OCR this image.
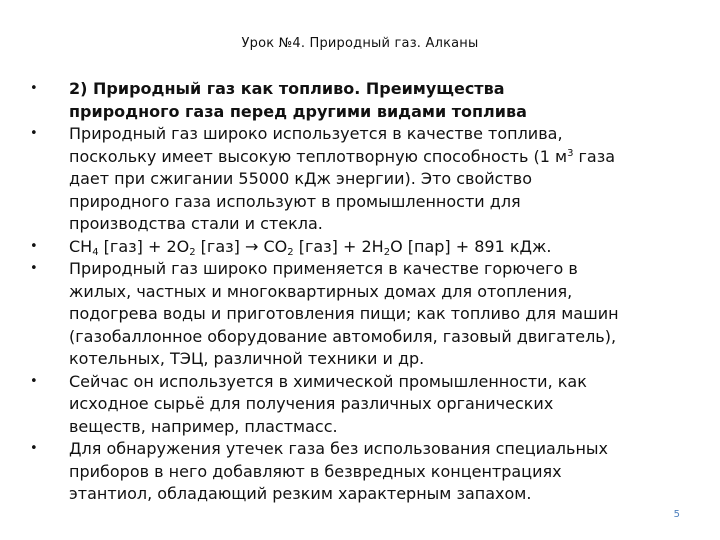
Урок №4. Природный газ. Алканы
• 2) Природный газ как топливо. Преимущества
природного газа перед другими видами топлива
• Природный газ широко используется в качестве топлива,
поскольку имеет высокую теплотворную способность (1 $м^3$ газа
дает при сжигании 55000 кДж энергии). Это свойство
природного газа используют в промышленности для
производства стали и стекла.
• $CH_4$ $[газ] + 2O_2$ $[газ] \to CO_2$ $[газ] + 2H_2O$ [пар] + 891 кДж.
• Природный газ широко применяется в качестве горючего в
жилых, частных и многоквартирных домах для отопления,
подогрева воды и приготовления пищи; как топливо для машин
(газобаллонное оборудование автомобиля, газовый двигатель),
котельных, ТЭЦ, различной техники и др.
• Сейчас он используется в химической промышленности, как
исходное сырьё для получения различных органических
веществ, например, пластмасс.
• Для обнаружения утечек газа без использования специальных
приборов в него добавляют в безвредных концентрациях
этантиол, обладающий резким характерным запахом.
5
